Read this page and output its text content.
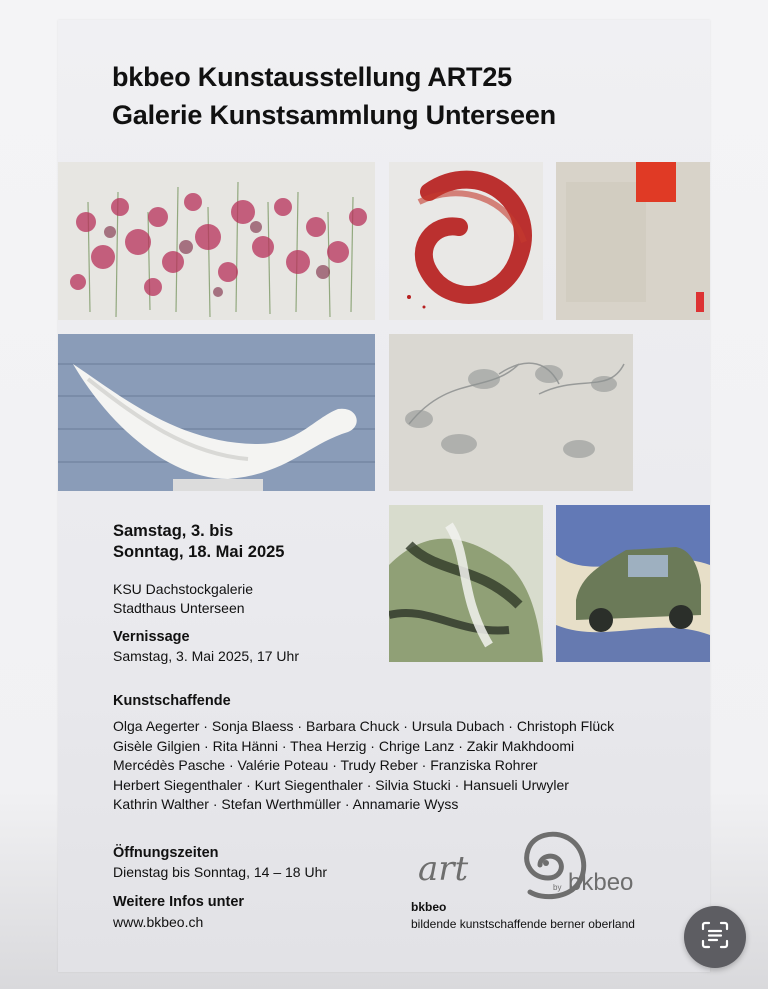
bkbeo Kunstausstellung ART25
Galerie Kunstsammlung Unterseen
Samstag, 3. bis
Sonntag, 18. Mai 2025
KSU Dachstockgalerie
Stadthaus Unterseen
Vernissage
Samstag, 3. Mai 2025, 17 Uhr
Kunstschaffende
Olga Aegerter · Sonja Blaess · Barbara Chuck · Ursula Dubach · Christoph Flück
Gisèle Gilgien · Rita Hänni · Thea Herzig · Chrige Lanz · Zakir Makhdoomi
Mercédès Pasche · Valérie Poteau · Trudy Reber · Franziska Rohrer
Herbert Siegenthaler · Kurt Siegenthaler · Silvia Stucki · Hansueli Urwyler
Kathrin Walther · Stefan Werthmüller · Annamarie Wyss
Öffnungszeiten
Dienstag bis Sonntag, 14 – 18 Uhr
Weitere Infos unter
www.bkbeo.ch
art	by bkbeo
bkbeo
bildende kunstschaffende berner oberland
